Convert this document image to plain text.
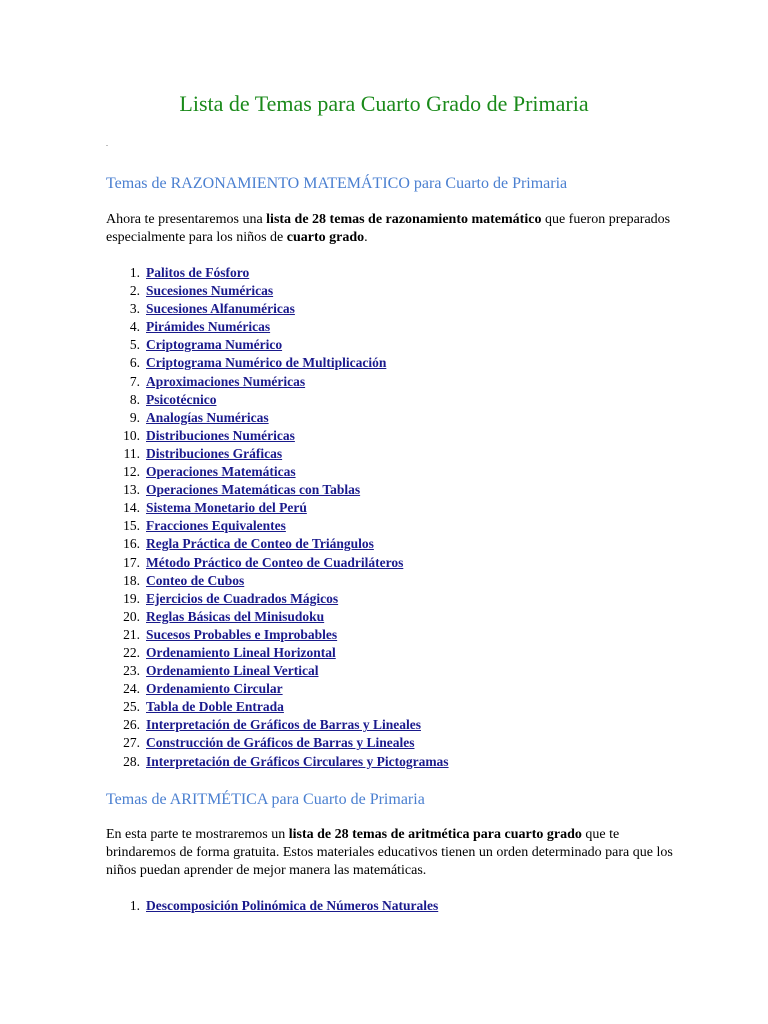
Lista de Temas para Cuarto Grado de Primaria
.
Temas de RAZONAMIENTO MATEMÁTICO para Cuarto de Primaria

Ahora te presentaremos una lista de 28 temas de razonamiento matemático que fueron preparados especialmente para los niños de cuarto grado.

1. Palitos de Fósforo
2. Sucesiones Numéricas
3. Sucesiones Alfanuméricas
4. Pirámides Numéricas
5. Criptograma Numérico
6. Criptograma Numérico de Multiplicación
7. Aproximaciones Numéricas
8. Psicotécnico
9. Analogías Numéricas
10. Distribuciones Numéricas
11. Distribuciones Gráficas
12. Operaciones Matemáticas
13. Operaciones Matemáticas con Tablas
14. Sistema Monetario del Perú
15. Fracciones Equivalentes
16. Regla Práctica de Conteo de Triángulos
17. Método Práctico de Conteo de Cuadriláteros
18. Conteo de Cubos
19. Ejercicios de Cuadrados Mágicos
20. Reglas Básicas del Minisudoku
21. Sucesos Probables e Improbables
22. Ordenamiento Lineal Horizontal
23. Ordenamiento Lineal Vertical
24. Ordenamiento Circular
25. Tabla de Doble Entrada
26. Interpretación de Gráficos de Barras y Lineales
27. Construcción de Gráficos de Barras y Lineales
28. Interpretación de Gráficos Circulares y Pictogramas
Temas de ARITMÉTICA para Cuarto de Primaria

En esta parte te mostraremos un lista de 28 temas de aritmética para cuarto grado que te brindaremos de forma gratuita. Estos materiales educativos tienen un orden determinado para que los niños puedan aprender de mejor manera las matemáticas.

1. Descomposición Polinómica de Números Naturales
